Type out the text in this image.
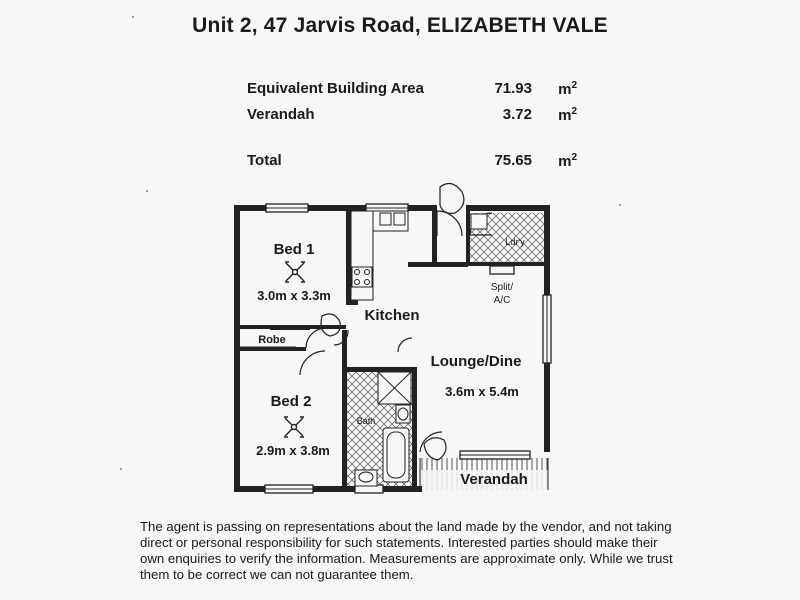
Unit 2, 47 Jarvis Road, ELIZABETH VALE
Equivalent Building Area	71.93 $m^2$
Verandah	3.72 $m^2$
Total	75.65 $m^2$
Bed 1
3.0m x 3.3m
Kitchen
Robe
Bed 2
2.9m x 3.8m
Bath
Lounge/Dine
3.6m x 5.4m
Ldr'y
Split/
A/C
Verandah
The agent is passing on representations about the land made by the vendor, and not taking direct or personal responsibility for such statements. Interested parties should make their own enquiries to verify the information. Measurements are approximate only. While we trust them to be correct we can not guarantee them.
